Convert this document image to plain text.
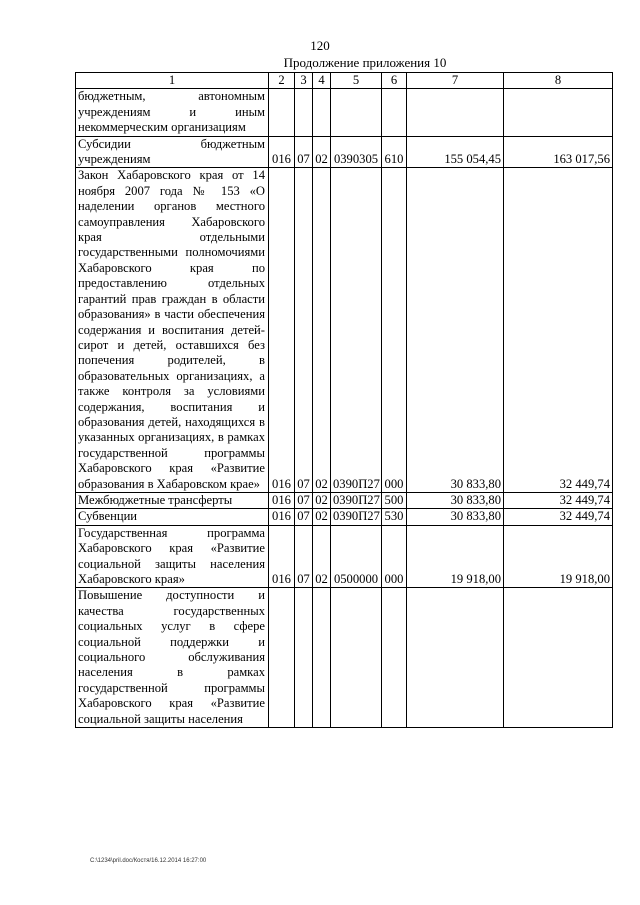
120
Продолжение приложения 10
1	2	3	4	5	6	7	8
бюджетным, автономным учреждениям и иным некоммерческим организациям							
Субсидии бюджетным учреждениям	016	07	02	0390305	610	155 054,45	163 017,56
Закон Хабаровского края от 14 ноября 2007 года № 153 «О наделении органов местного самоуправления Хабаровского края отдельными государственными полномочиями Хабаровского края по предоставлению отдельных гарантий прав граждан в области образования» в части обеспечения содержания и воспитания детей-сирот и детей, оставшихся без попечения родителей, в образовательных организациях, а также контроля за условиями содержания, воспитания и образования детей, находящихся в указанных организациях, в рамках государственной программы Хабаровского края «Развитие образования в Хабаровском крае»	016	07	02	0390П27	000	30 833,80	32 449,74
Межбюджетные трансферты	016	07	02	0390П27	500	30 833,80	32 449,74
Субвенции	016	07	02	0390П27	530	30 833,80	32 449,74
Государственная программа Хабаровского края «Развитие социальной защиты населения Хабаровского края»	016	07	02	0500000	000	19 918,00	19 918,00
Повышение доступности и качества государственных социальных услуг в сфере социальной поддержки и социального обслуживания населения в рамках государственной программы Хабаровского края «Развитие социальной защиты населения							
C:\1234\pril.doc/Костя/16.12.2014 16:27:00
